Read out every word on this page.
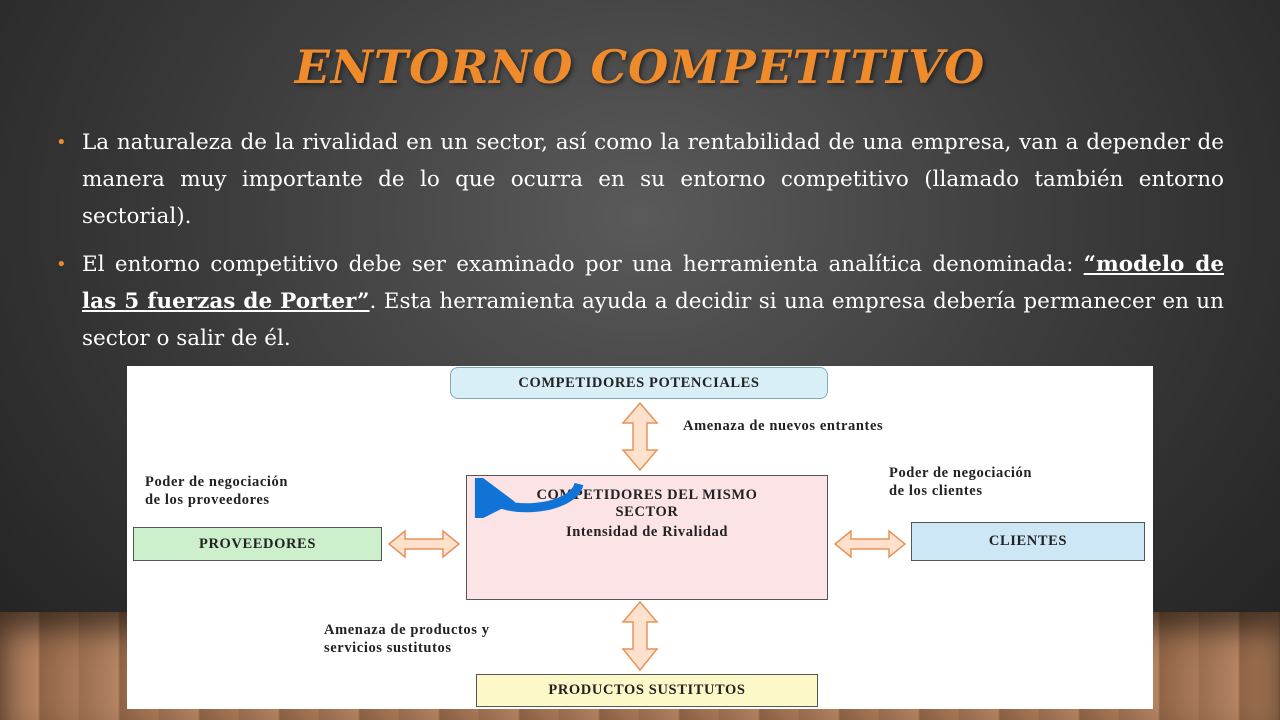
ENTORNO COMPETITIVO
• La naturaleza de la rivalidad en un sector, así como la rentabilidad de una empresa, van a depender de manera muy importante de lo que ocurra en su entorno competitivo (llamado también entorno sectorial).
• El entorno competitivo debe ser examinado por una herramienta analítica denominada: “modelo de las 5 fuerzas de Porter”. Esta herramienta ayuda a decidir si una empresa debería permanecer en un sector o salir de él.
COMPETIDORES POTENCIALES
Amenaza de nuevos entrantes
Poder de negociación
de los proveedores
Poder de negociación
de los clientes
COMPETIDORES DEL MISMO
SECTOR
Intensidad de Rivalidad
PROVEEDORES	CLIENTES
Amenaza de productos y
servicios sustitutos
PRODUCTOS SUSTITUTOS
